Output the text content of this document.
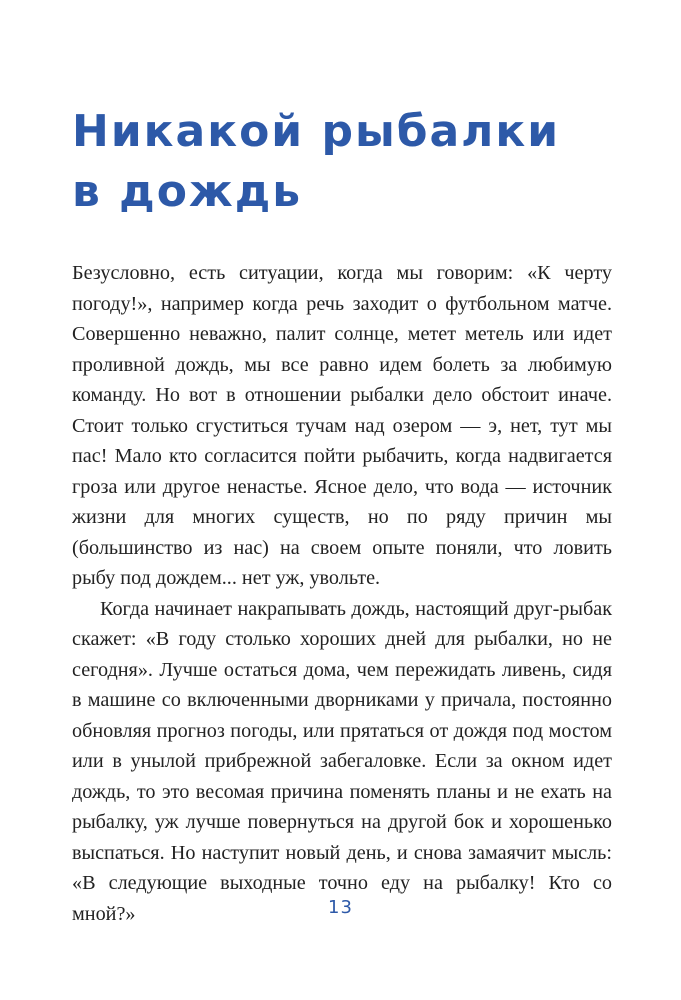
Никакой рыбалки
в дождь

Безусловно, есть ситуации, когда мы говорим: «К черту погоду!», например когда речь заходит о футбольном матче. Совершенно неважно, палит солнце, метет метель или идет проливной дождь, мы все равно идем болеть за любимую команду. Но вот в отношении рыбалки дело обстоит иначе. Стоит только сгуститься тучам над озером — э, нет, тут мы пас! Мало кто согласится пойти рыбачить, когда надвигается гроза или другое ненастье. Ясное дело, что вода — источник жизни для многих существ, но по ряду причин мы (большинство из нас) на своем опыте поняли, что ловить рыбу под дождем... нет уж, увольте.

Когда начинает накрапывать дождь, настоящий друг-рыбак скажет: «В году столько хороших дней для рыбалки, но не сегодня». Лучше остаться дома, чем пережидать ливень, сидя в машине со включенными дворниками у причала, постоянно обновляя прогноз погоды, или прятаться от дождя под мостом или в унылой прибрежной забегаловке. Если за окном идет дождь, то это весомая причина поменять планы и не ехать на рыбалку, уж лучше повернуться на другой бок и хорошенько выспаться. Но наступит новый день, и снова замаячит мысль: «В следующие выходные точно еду на рыбалку! Кто со мной?»	13
